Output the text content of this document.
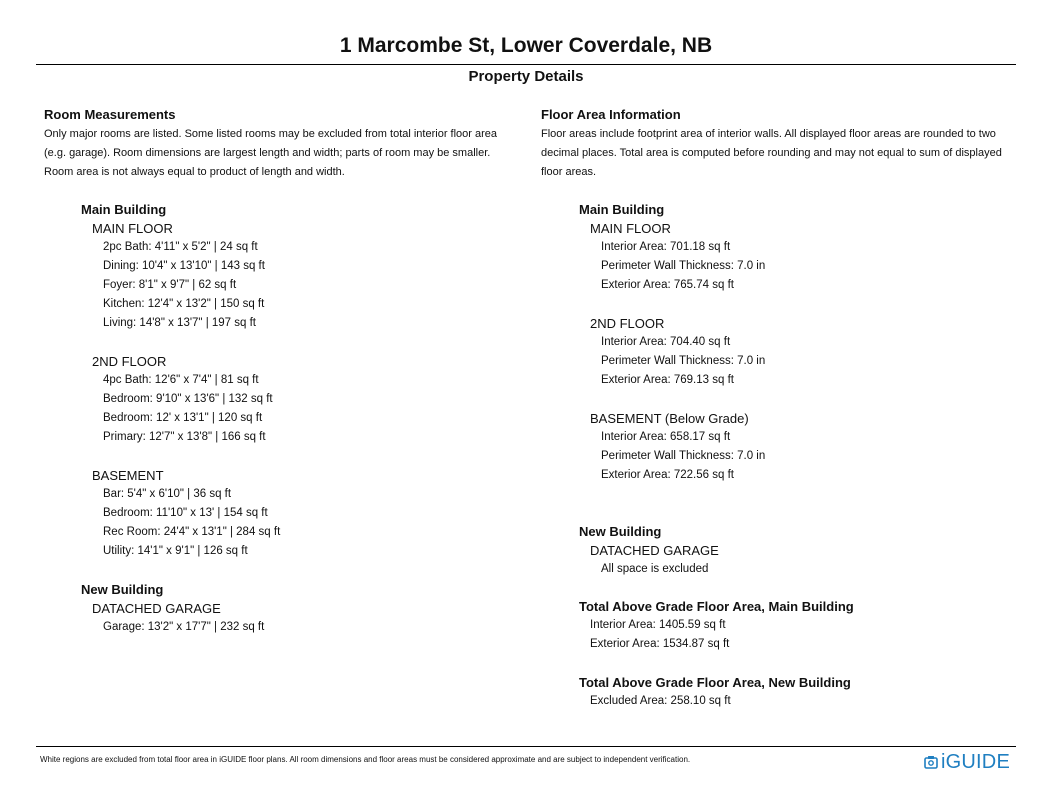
1 Marcombe St, Lower Coverdale, NB
Property Details
Room Measurements
Only major rooms are listed. Some listed rooms may be excluded from total interior floor area
(e.g. garage). Room dimensions are largest length and width; parts of room may be smaller.
Room area is not always equal to product of length and width.
Main Building
MAIN FLOOR
2pc Bath: 4'11" x 5'2" | 24 sq ft
Dining: 10'4" x 13'10" | 143 sq ft
Foyer: 8'1" x 9'7" | 62 sq ft
Kitchen: 12'4" x 13'2" | 150 sq ft
Living: 14'8" x 13'7" | 197 sq ft
2ND FLOOR
4pc Bath: 12'6" x 7'4" | 81 sq ft
Bedroom: 9'10" x 13'6" | 132 sq ft
Bedroom: 12' x 13'1" | 120 sq ft
Primary: 12'7" x 13'8" | 166 sq ft
BASEMENT
Bar: 5'4" x 6'10" | 36 sq ft
Bedroom: 11'10" x 13' | 154 sq ft
Rec Room: 24'4" x 13'1" | 284 sq ft
Utility: 14'1" x 9'1" | 126 sq ft
New Building
DATACHED GARAGE
Garage: 13'2" x 17'7" | 232 sq ft
Floor Area Information
Floor areas include footprint area of interior walls. All displayed floor areas are rounded to two
decimal places. Total area is computed before rounding and may not equal to sum of displayed
floor areas.
Main Building
MAIN FLOOR
Interior Area: 701.18 sq ft
Perimeter Wall Thickness: 7.0 in
Exterior Area: 765.74 sq ft
2ND FLOOR
Interior Area: 704.40 sq ft
Perimeter Wall Thickness: 7.0 in
Exterior Area: 769.13 sq ft
BASEMENT (Below Grade)
Interior Area: 658.17 sq ft
Perimeter Wall Thickness: 7.0 in
Exterior Area: 722.56 sq ft
New Building
DATACHED GARAGE
All space is excluded
Total Above Grade Floor Area, Main Building
Interior Area: 1405.59 sq ft
Exterior Area: 1534.87 sq ft
Total Above Grade Floor Area, New Building
Excluded Area: 258.10 sq ft
White regions are excluded from total floor area in iGUIDE floor plans. All room dimensions and floor areas must be considered approximate and are subject to independent verification.	iGUIDE
